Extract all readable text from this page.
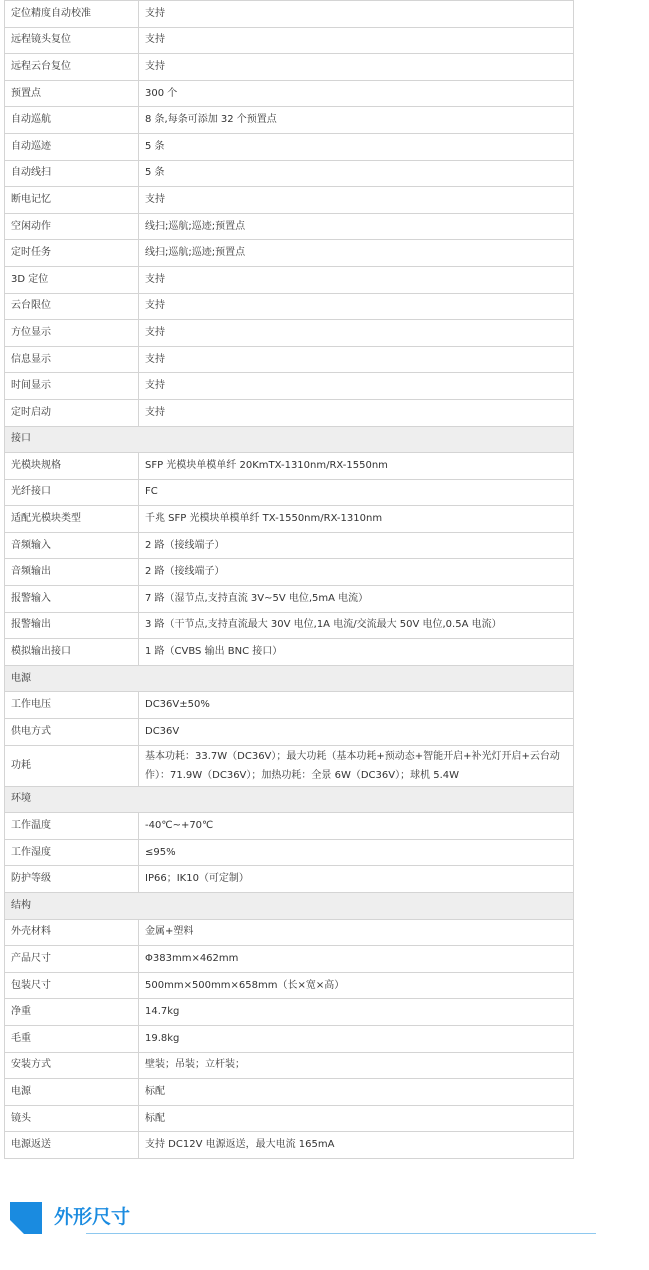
定位精度自动校准	支持
远程镜头复位	支持
远程云台复位	支持
预置点	300 个
自动巡航	8 条,每条可添加 32 个预置点
自动巡迹	5 条
自动线扫	5 条
断电记忆	支持
空闲动作	线扫;巡航;巡迹;预置点
定时任务	线扫;巡航;巡迹;预置点
3D 定位	支持
云台限位	支持
方位显示	支持
信息显示	支持
时间显示	支持
定时启动	支持
接口	
光模块规格	SFP 光模块单模单纤 20KmTX-1310nm/RX-1550nm
光纤接口	FC
适配光模块类型	千兆 SFP 光模块单模单纤 TX-1550nm/RX-1310nm
音频输入	2 路（接线端子）
音频输出	2 路（接线端子）
报警输入	7 路（湿节点,支持直流 3V~5V 电位,5mA 电流）
报警输出	3 路（干节点,支持直流最大 30V 电位,1A 电流/交流最大 50V 电位,0.5A 电流）
模拟输出接口	1 路（CVBS 输出 BNC 接口）
电源	
工作电压	DC36V±50%
供电方式	DC36V
功耗	基本功耗：33.7W（DC36V）；最大功耗（基本功耗+预动态+智能开启+补光灯开启+云台动作）：71.9W（DC36V）；加热功耗：全景 6W（DC36V）；球机 5.4W
环境	
工作温度	-40℃~+70℃
工作湿度	≤95%
防护等级	IP66；IK10（可定制）
结构	
外壳材料	金属+塑料
产品尺寸	Φ383mm×462mm
包装尺寸	500mm×500mm×658mm（长×宽×高）
净重	14.7kg
毛重	19.8kg
安装方式	壁装；吊装；立杆装；
电源	标配
镜头	标配
电源返送	支持 DC12V 电源返送，最大电流 165mA
外形尺寸
